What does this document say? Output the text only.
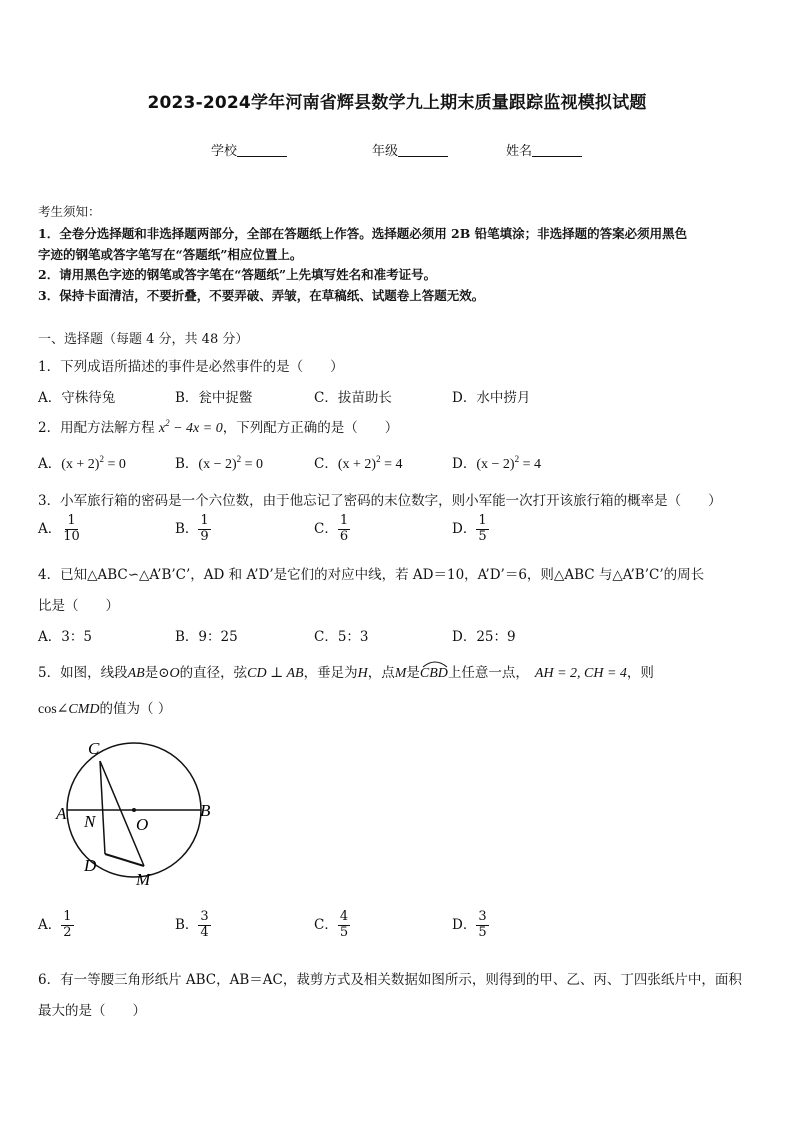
2023-2024学年河南省辉县数学九上期末质量跟踪监视模拟试题
学校	年级	姓名
考生须知：
1．全卷分选择题和非选择题两部分，全部在答题纸上作答。选择题必须用 2B 铅笔填涂；非选择题的答案必须用黑色
字迹的钢笔或答字笔写在“答题纸”相应位置上。
2．请用黑色字迹的钢笔或答字笔在“答题纸”上先填写姓名和准考证号。
3．保持卡面清洁，不要折叠，不要弄破、弄皱，在草稿纸、试题卷上答题无效。
一、选择题（每题 4 分，共 48 分）
1．下列成语所描述的事件是必然事件的是（　　）
A．守株待兔	B．瓮中捉鳖	C．拔苗助长	D．水中捞月
2．用配方法解方程 $x^2 - 4x = 0$，下列配方正确的是（　　）
A．$(x + 2)^2 = 0$	B．$(x - 2)^2 = 0$	C．$(x + 2)^2 = 4$	D．$(x - 2)^2 = 4$
3．小军旅行箱的密码是一个六位数，由于他忘记了密码的末位数字，则小军能一次打开该旅行箱的概率是（　　）
A． $\frac{1}{10}$	B． $\frac{1}{9}$	C． $\frac{1}{6}$	D． $\frac{1}{5}$
4．已知△ABC∽△A’B’C’，AD 和 A’D’是它们的对应中线，若 AD＝10，A’D’＝6，则△ABC 与△A’B’C’的周长
比是（　　）
A．3：5	B．9：25	C．5：3	D．25：9
5．如图，线段AB是⊙O的直径，弦CD ⊥ AB，垂足为H，点M是CBD
上任意一点， AH = 2, CH = 4，则
cos∠CMD的值为（ ）
C
A N O
B
D
M
A． $\frac{1}{2}$	B． $\frac{3}{4}$	C． $\frac{4}{5}$	D． $\frac{3}{5}$
6．有一等腰三角形纸片 ABC，AB＝AC，裁剪方式及相关数据如图所示，则得到的甲、乙、丙、丁四张纸片中，面积
最大的是（　　）
